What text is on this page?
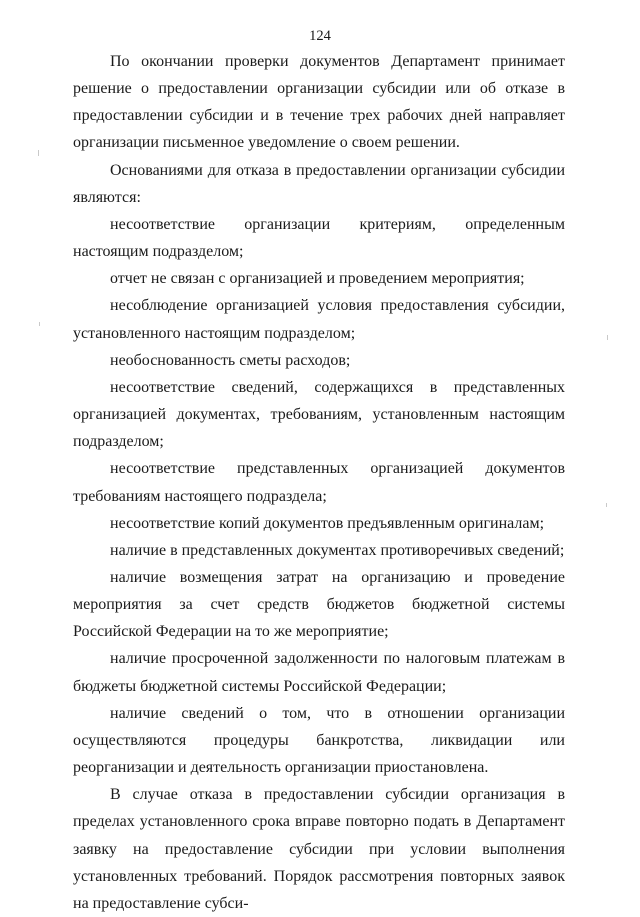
124

По окончании проверки документов Департамент принимает решение о предоставлении организации субсидии или об отказе в предоставлении субсидии и в течение трех рабочих дней направляет организации письменное уведомление о своем решении.

Основаниями для отказа в предоставлении организации субсидии являются:

несоответствие организации критериям, определенным настоящим подразделом;

отчет не связан с организацией и проведением мероприятия;

несоблюдение организацией условия предоставления субсидии, установленного настоящим подразделом;

необоснованность сметы расходов;

несоответствие сведений, содержащихся в представленных организацией документах, требованиям, установленным настоящим подразделом;

несоответствие представленных организацией документов требованиям настоящего подраздела;

несоответствие копий документов предъявленным оригиналам;

наличие в представленных документах противоречивых сведений;

наличие возмещения затрат на организацию и проведение мероприятия за счет средств бюджетов бюджетной системы Российской Федерации на то же мероприятие;

наличие просроченной задолженности по налоговым платежам в бюджеты бюджетной системы Российской Федерации;

наличие сведений о том, что в отношении организации осуществляются процедуры банкротства, ликвидации или реорганизации и деятельность организации приостановлена.

В случае отказа в предоставлении субсидии организация в пределах установленного срока вправе повторно подать в Департамент заявку на предоставление субсидии при условии выполнения установленных требований. Порядок рассмотрения повторных заявок на предоставление субси-
